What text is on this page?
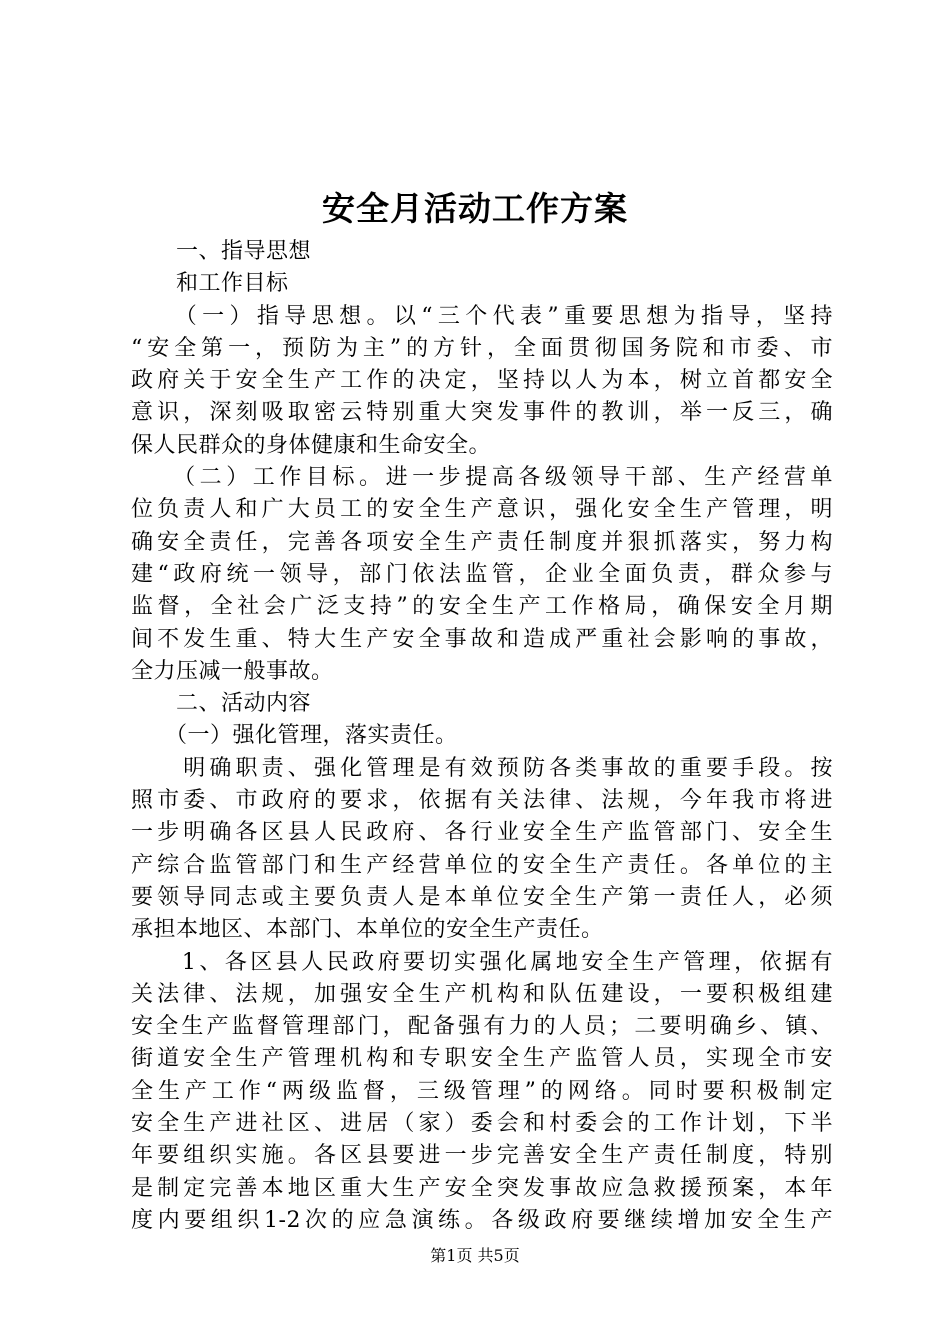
安全月活动工作方案
　　一、指导思想
　　和工作目标
　　（一）指导思想。以“三个代表”重要思想为指导，坚持
“安全第一，预防为主”的方针，全面贯彻国务院和市委、市
政府关于安全生产工作的决定，坚持以人为本，树立首都安全
意识，深刻吸取密云特别重大突发事件的教训，举一反三，确
保人民群众的身体健康和生命安全。
　　（二）工作目标。进一步提高各级领导干部、生产经营单
位负责人和广大员工的安全生产意识，强化安全生产管理，明
确安全责任，完善各项安全生产责任制度并狠抓落实，努力构
建“政府统一领导，部门依法监管，企业全面负责，群众参与
监督，全社会广泛支持”的安全生产工作格局，确保安全月期
间不发生重、特大生产安全事故和造成严重社会影响的事故，
全力压减一般事故。
　　二、活动内容
　　（一）强化管理，落实责任。
　　明确职责、强化管理是有效预防各类事故的重要手段。按
照市委、市政府的要求，依据有关法律、法规，今年我市将进
一步明确各区县人民政府、各行业安全生产监管部门、安全生
产综合监管部门和生产经营单位的安全生产责任。各单位的主
要领导同志或主要负责人是本单位安全生产第一责任人，必须
承担本地区、本部门、本单位的安全生产责任。
　　1、各区县人民政府要切实强化属地安全生产管理，依据有
关法律、法规，加强安全生产机构和队伍建设，一要积极组建
安全生产监督管理部门，配备强有力的人员；二要明确乡、镇、
街道安全生产管理机构和专职安全生产监管人员，实现全市安
全生产工作“两级监督，三级管理”的网络。同时要积极制定
安全生产进社区、进居（家）委会和村委会的工作计划，下半
年要组织实施。各区县要进一步完善安全生产责任制度，特别
是制定完善本地区重大生产安全突发事故应急救援预案，本年
度内要组织1-2次的应急演练。各级政府要继续增加安全生产
第1页 共5页
